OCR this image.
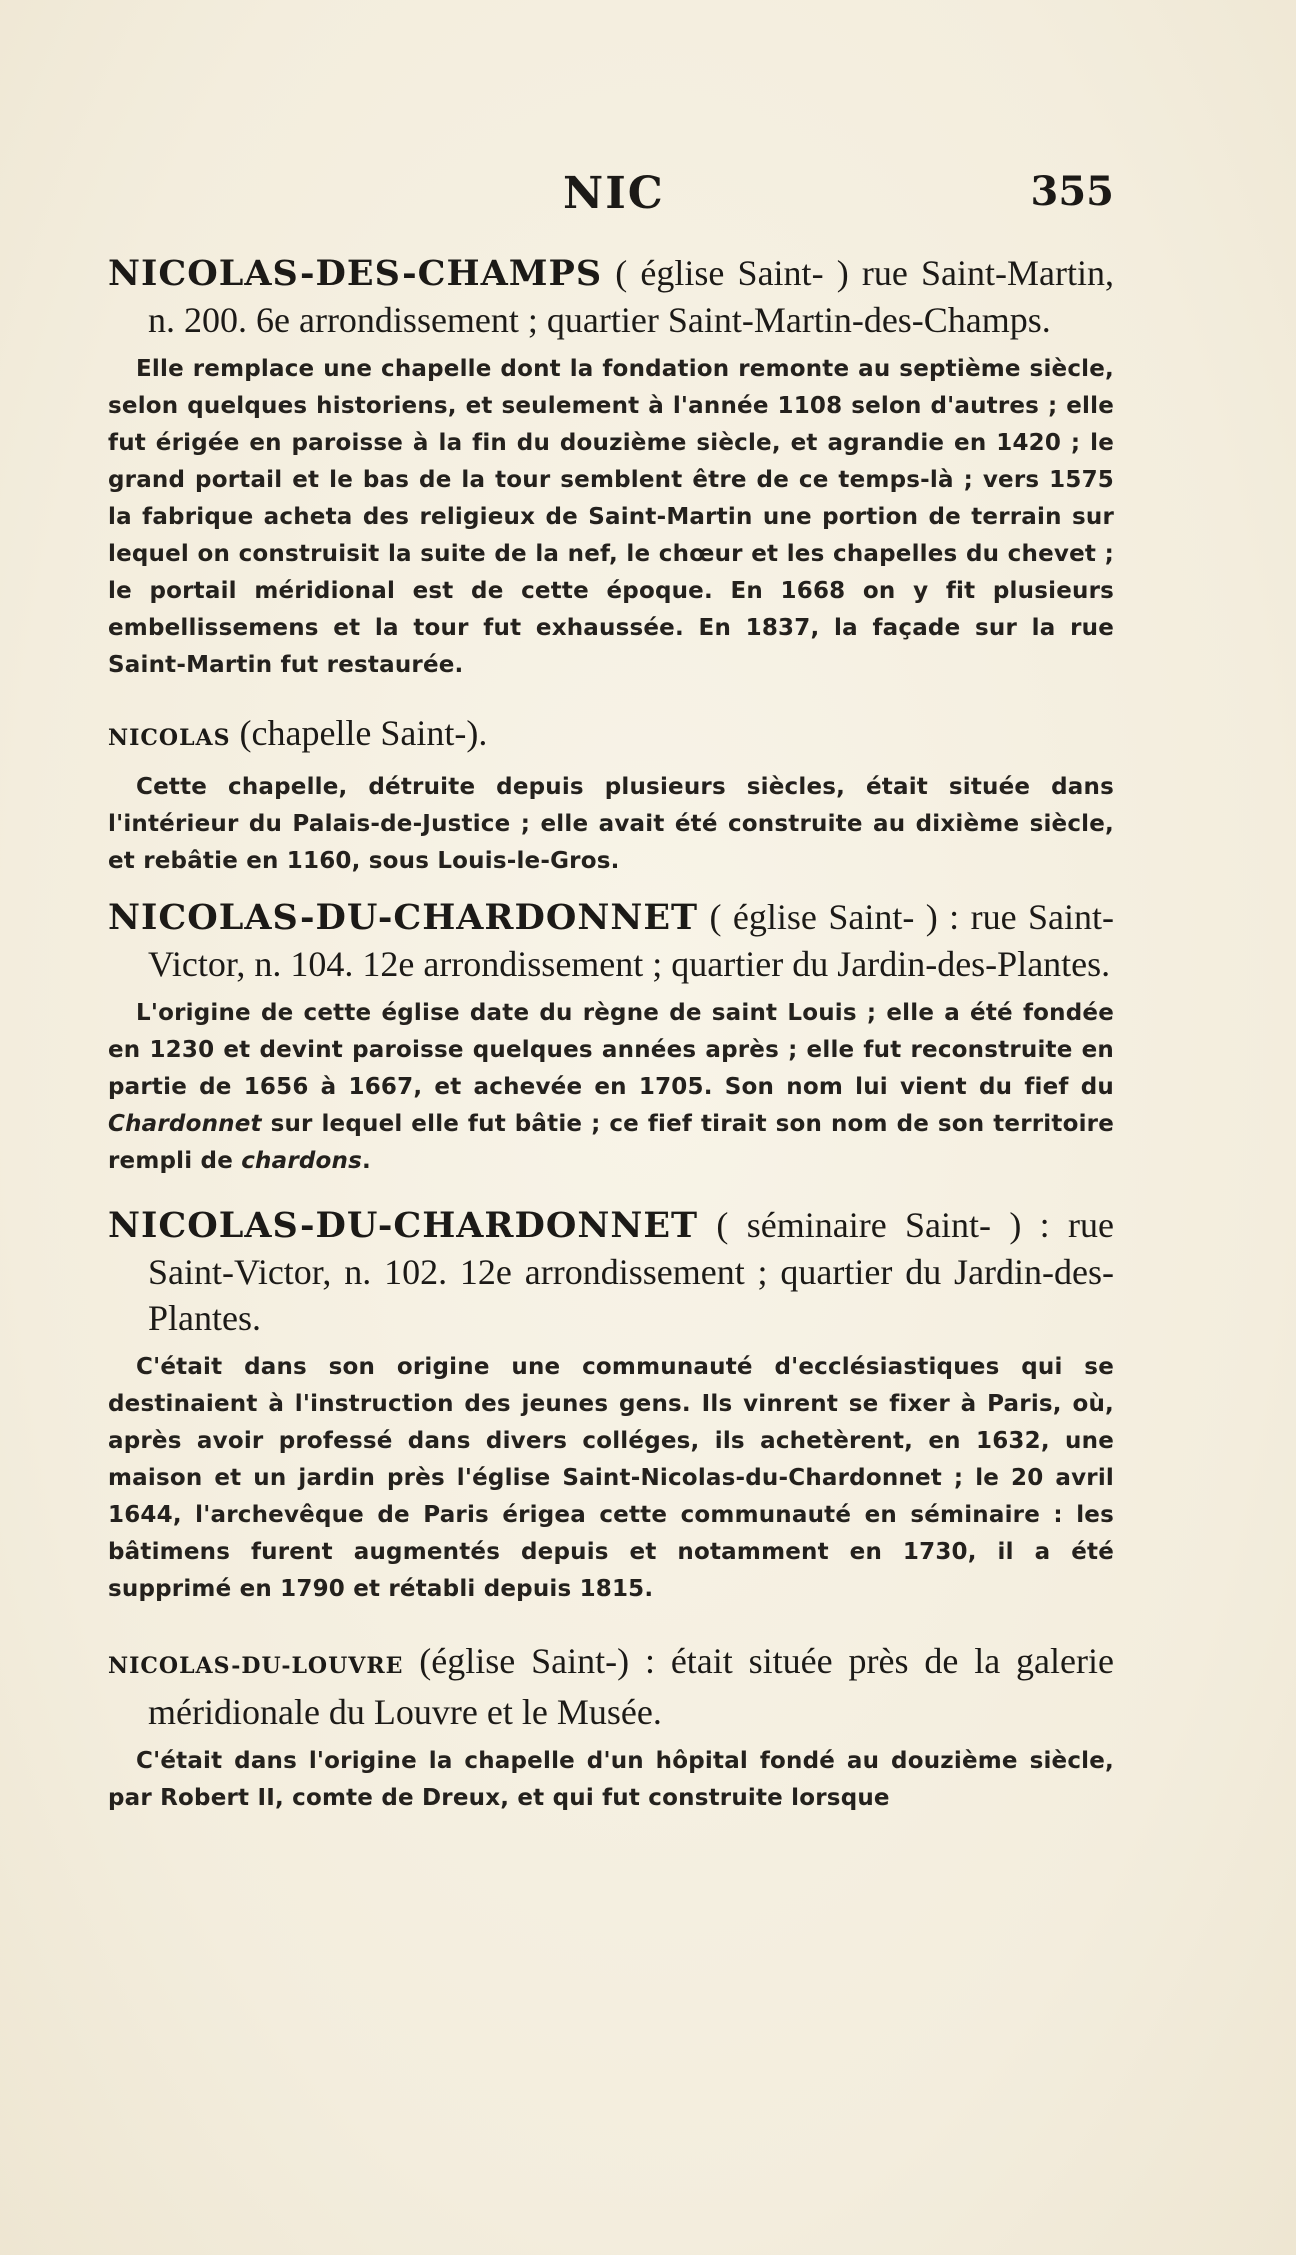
NIC	355

NICOLAS-DES-CHAMPS ( église Saint- ) rue Saint-Martin, n. 200. 6e arrondissement ; quartier Saint-Martin-des-Champs.

Elle remplace une chapelle dont la fondation remonte au septième siècle, selon quelques historiens, et seulement à l'année 1108 selon d'autres ; elle fut érigée en paroisse à la fin du douzième siècle, et agrandie en 1420 ; le grand portail et le bas de la tour semblent être de ce temps-là ; vers 1575 la fabrique acheta des religieux de Saint-Martin une portion de terrain sur lequel on construisit la suite de la nef, le chœur et les chapelles du chevet ; le portail méridional est de cette époque. En 1668 on y fit plusieurs embellissemens et la tour fut exhaussée. En 1837, la façade sur la rue Saint-Martin fut restaurée.

NICOLAS (chapelle Saint-).

Cette chapelle, détruite depuis plusieurs siècles, était située dans l'intérieur du Palais-de-Justice ; elle avait été construite au dixième siècle, et rebâtie en 1160, sous Louis-le-Gros.

NICOLAS-DU-CHARDONNET ( église Saint- ) : rue Saint-Victor, n. 104. 12e arrondissement ; quartier du Jardin-des-Plantes.

L'origine de cette église date du règne de saint Louis ; elle a été fondée en 1230 et devint paroisse quelques années après ; elle fut reconstruite en partie de 1656 à 1667, et achevée en 1705. Son nom lui vient du fief du Chardonnet sur lequel elle fut bâtie ; ce fief tirait son nom de son territoire rempli de chardons.

NICOLAS-DU-CHARDONNET ( séminaire Saint- ) : rue Saint-Victor, n. 102. 12e arrondissement ; quartier du Jardin-des-Plantes.

C'était dans son origine une communauté d'ecclésiastiques qui se destinaient à l'instruction des jeunes gens. Ils vinrent se fixer à Paris, où, après avoir professé dans divers colléges, ils achetèrent, en 1632, une maison et un jardin près l'église Saint-Nicolas-du-Chardonnet ; le 20 avril 1644, l'archevêque de Paris érigea cette communauté en séminaire : les bâtimens furent augmentés depuis et notamment en 1730, il a été supprimé en 1790 et rétabli depuis 1815.

NICOLAS-DU-LOUVRE (église Saint-) : était située près de la galerie méridionale du Louvre et le Musée.

C'était dans l'origine la chapelle d'un hôpital fondé au douzième siècle, par Robert II, comte de Dreux, et qui fut construite lorsque
